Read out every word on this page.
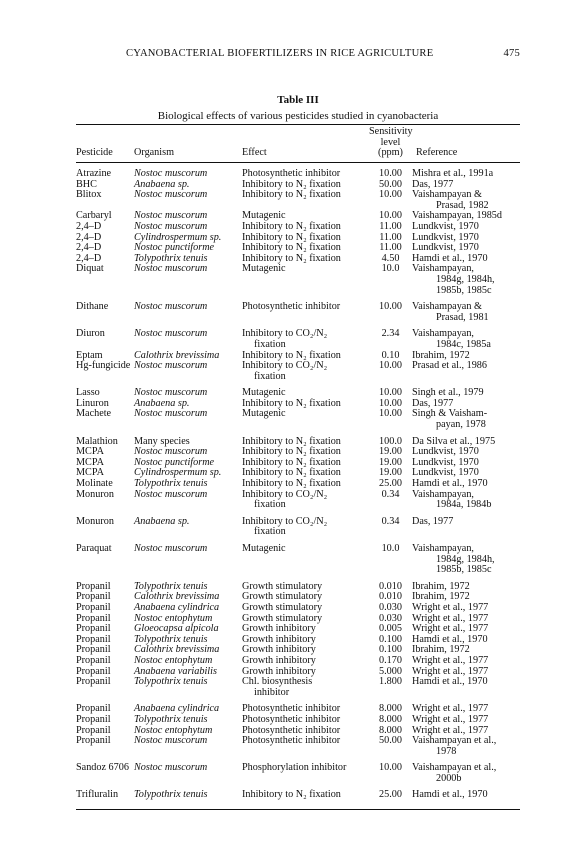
CYANOBACTERIAL BIOFERTILIZERS IN RICE AGRICULTURE	475
Table III
Biological effects of various pesticides studied in cyanobacteria
Pesticide	Organism	Effect	Sensitivity
level
(ppm)	Reference
Atrazine	Nostoc muscorum	Photosynthetic inhibitor	10.00	Mishra et al., 1991a

BHC	Anabaena sp.	Inhibitory to N₂ fixation	50.00	Das, 1977

Blitox	Nostoc muscorum	Inhibitory to N₂ fixation	10.00	Vaishampayan &
Prasad, 1982

Carbaryl	Nostoc muscorum	Mutagenic	10.00	Vaishampayan, 1985d

2,4–D	Nostoc muscorum	Inhibitory to N₂ fixation	11.00	Lundkvist, 1970

2,4–D	Cylindrospermum sp.	Inhibitory to N₂ fixation	11.00	Lundkvist, 1970

2,4–D	Nostoc punctiforme	Inhibitory to N₂ fixation	11.00	Lundkvist, 1970

2,4–D	Tolypothrix tenuis	Inhibitory to N₂ fixation	4.50	Hamdi et al., 1970

Diquat	Nostoc muscorum	Mutagenic	10.0	Vaishampayan,
1984g, 1984h,
1985b, 1985c

Dithane	Nostoc muscorum	Photosynthetic inhibitor	10.00	Vaishampayan &
Prasad, 1981

Diuron	Nostoc muscorum	Inhibitory to CO₂/N₂
fixation	2.34	Vaishampayan,
1984c, 1985a

Eptam	Calothrix brevissima	Inhibitory to N₂ fixation	0.10	Ibrahim, 1972

Hg-fungicide	Nostoc muscorum	Inhibitory to CO₂/N₂
fixation	10.00	Prasad et al., 1986

Lasso	Nostoc muscorum	Mutagenic	10.00	Singh et al., 1979

Linuron	Anabaena sp.	Inhibitory to N₂ fixation	10.00	Das, 1977

Machete	Nostoc muscorum	Mutagenic	10.00	Singh & Vaisham-
payan, 1978

Malathion	Many species	Inhibitory to N₂ fixation	100.0	Da Silva et al., 1975

MCPA	Nostoc muscorum	Inhibitory to N₂ fixation	19.00	Lundkvist, 1970

MCPA	Nostoc punctiforme	Inhibitory to N₂ fixation	19.00	Lundkvist, 1970

MCPA	Cylindrospermum sp.	Inhibitory to N₂ fixation	19.00	Lundkvist, 1970

Molinate	Tolypothrix tenuis	Inhibitory to N₂ fixation	25.00	Hamdi et al., 1970

Monuron	Nostoc muscorum	Inhibitory to CO₂/N₂
fixation	0.34	Vaishampayan,
1984a, 1984b

Monuron	Anabaena sp.	Inhibitory to CO₂/N₂
fixation	0.34	Das, 1977

Paraquat	Nostoc muscorum	Mutagenic	10.0	Vaishampayan,
1984g, 1984h,
1985b, 1985c

Propanil	Tolypothrix tenuis	Growth stimulatory	0.010	Ibrahim, 1972

Propanil	Calothrix brevissima	Growth stimulatory	0.010	Ibrahim, 1972

Propanil	Anabaena cylindrica	Growth stimulatory	0.030	Wright et al., 1977

Propanil	Nostoc entophytum	Growth stimulatory	0.030	Wright et al., 1977

Propanil	Gloeocapsa alpicola	Growth inhibitory	0.005	Wright et al., 1977

Propanil	Tolypothrix tenuis	Growth inhibitory	0.100	Hamdi et al., 1970

Propanil	Calothrix brevissima	Growth inhibitory	0.100	Ibrahim, 1972

Propanil	Nostoc entophytum	Growth inhibitory	0.170	Wright et al., 1977

Propanil	Anabaena variabilis	Growth inhibitory	5.000	Wright et al., 1977

Propanil	Tolypothrix tenuis	Chl. biosynthesis
inhibitor	1.800	Hamdi et al., 1970

Propanil	Anabaena cylindrica	Photosynthetic inhibitor	8.000	Wright et al., 1977

Propanil	Tolypothrix tenuis	Photosynthetic inhibitor	8.000	Wright et al., 1977

Propanil	Nostoc entophytum	Photosynthetic inhibitor	8.000	Wright et al., 1977

Propanil	Nostoc muscorum	Photosynthetic inhibitor	50.00	Vaishampayan et al.,
1978

Sandoz 6706	Nostoc muscorum	Phosphorylation inhibitor	10.00	Vaishampayan et al.,
2000b

Trifluralin	Tolypothrix tenuis	Inhibitory to N₂ fixation	25.00	Hamdi et al., 1970
